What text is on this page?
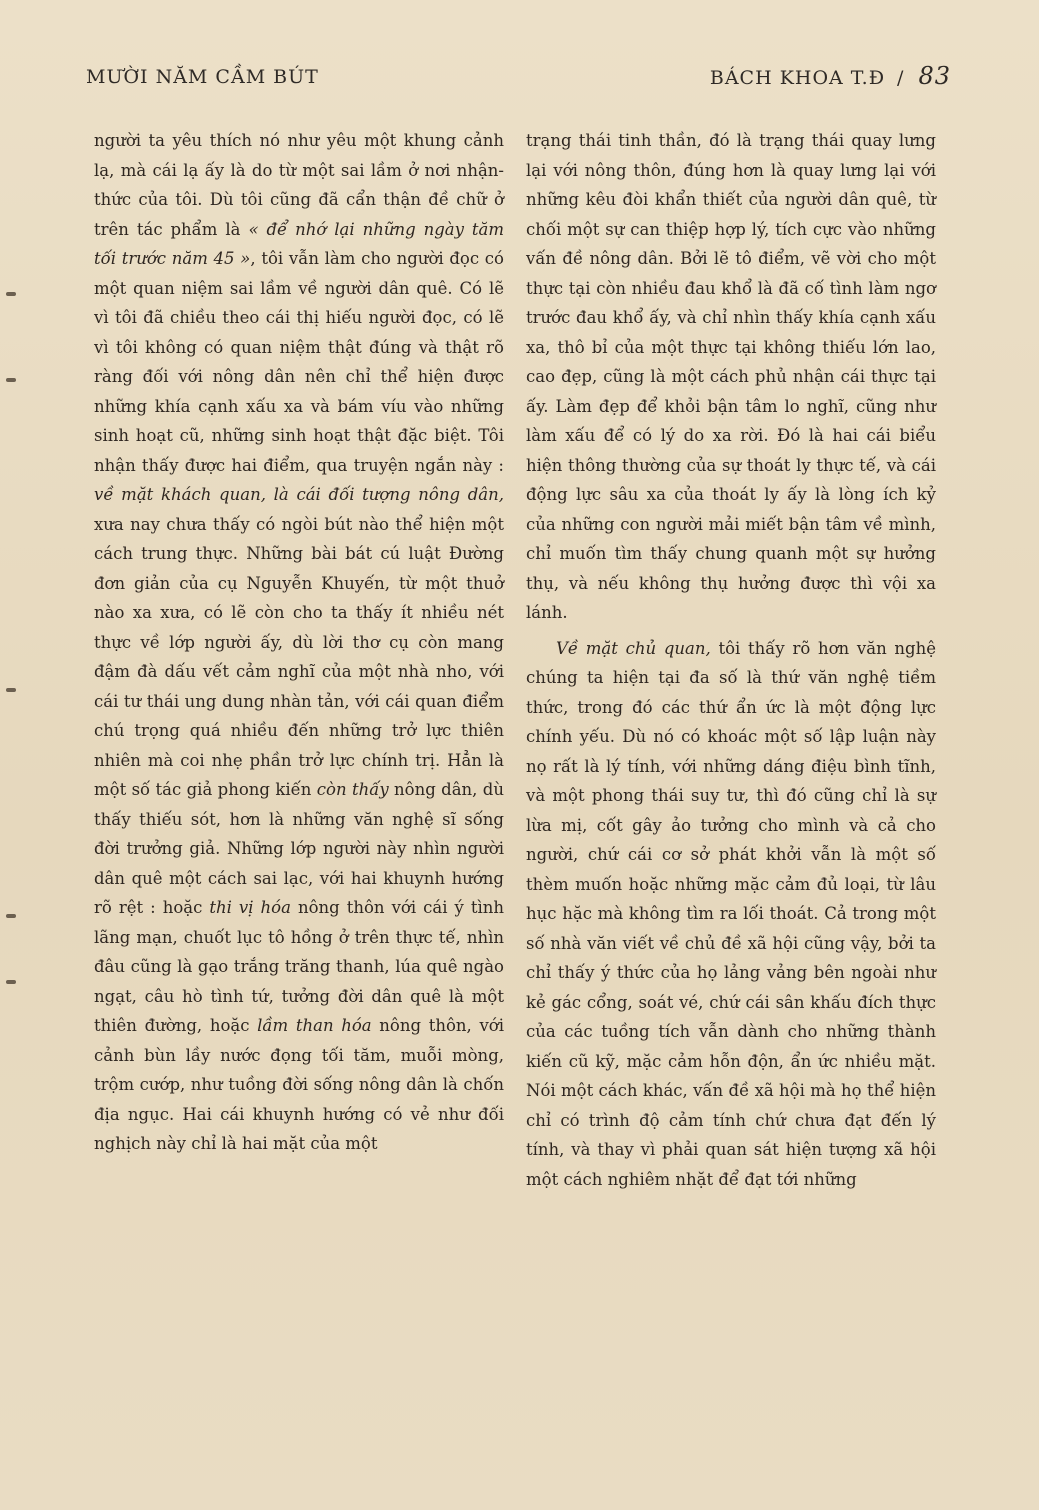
MƯỜI NĂM CẦM BÚT	BÁCH KHOA T.Đ / 83

người ta yêu thích nó như yêu một khung cảnh lạ, mà cái lạ ấy là do từ một sai lầm ở nơi nhận-thức của tôi. Dù tôi cũng đã cẩn thận đề chữ ở trên tác phẩm là « để nhớ lại những ngày tăm tối trước năm 45 », tôi vẫn làm cho người đọc có một quan niệm sai lầm về người dân quê. Có lẽ vì tôi đã chiều theo cái thị hiếu người đọc, có lẽ vì tôi không có quan niệm thật đúng và thật rõ ràng đối với nông dân nên chỉ thể hiện được những khía cạnh xấu xa và bám víu vào những sinh hoạt cũ, những sinh hoạt thật đặc biệt. Tôi nhận thấy được hai điểm, qua truyện ngắn này : về mặt khách quan, là cái đối tượng nông dân, xưa nay chưa thấy có ngòi bút nào thể hiện một cách trung thực. Những bài bát cú luật Đường đơn giản của cụ Nguyễn Khuyến, từ một thuở nào xa xưa, có lẽ còn cho ta thấy ít nhiều nét thực về lớp người ấy, dù lời thơ cụ còn mang đậm đà dấu vết cảm nghĩ của một nhà nho, với cái tư thái ung dung nhàn tản, với cái quan điểm chú trọng quá nhiều đến những trở lực thiên nhiên mà coi nhẹ phần trở lực chính trị. Hẳn là một số tác giả phong kiến còn thấy nông dân, dù thấy thiếu sót, hơn là những văn nghệ sĩ sống đời trưởng giả. Những lớp người này nhìn người dân quê một cách sai lạc, với hai khuynh hướng rõ rệt : hoặc thi vị hóa nông thôn với cái ý tình lãng mạn, chuốt lục tô hồng ở trên thực tế, nhìn đâu cũng là gạo trắng trăng thanh, lúa quê ngào ngạt, câu hò tình tứ, tưởng đời dân quê là một thiên đường, hoặc lầm than hóa nông thôn, với cảnh bùn lầy nước đọng tối tăm, muỗi mòng, trộm cướp, như tuồng đời sống nông dân là chốn địa ngục. Hai cái khuynh hướng có vẻ như đối nghịch này chỉ là hai mặt của một

trạng thái tinh thần, đó là trạng thái quay lưng lại với nông thôn, đúng hơn là quay lưng lại với những kêu đòi khẩn thiết của người dân quê, từ chối một sự can thiệp hợp lý, tích cực vào những vấn đề nông dân. Bởi lẽ tô điểm, vẽ vời cho một thực tại còn nhiều đau khổ là đã cố tình làm ngơ trước đau khổ ấy, và chỉ nhìn thấy khía cạnh xấu xa, thô bỉ của một thực tại không thiếu lớn lao, cao đẹp, cũng là một cách phủ nhận cái thực tại ấy. Làm đẹp để khỏi bận tâm lo nghĩ, cũng như làm xấu để có lý do xa rời. Đó là hai cái biểu hiện thông thường của sự thoát ly thực tế, và cái động lực sâu xa của thoát ly ấy là lòng ích kỷ của những con người mải miết bận tâm về mình, chỉ muốn tìm thấy chung quanh một sự hưởng thụ, và nếu không thụ hưởng được thì vội xa lánh.

Về mặt chủ quan, tôi thấy rõ hơn văn nghệ chúng ta hiện tại đa số là thứ văn nghệ tiềm thức, trong đó các thứ ẩn ức là một động lực chính yếu. Dù nó có khoác một số lập luận này nọ rất là lý tính, với những dáng điệu bình tĩnh, và một phong thái suy tư, thì đó cũng chỉ là sự lừa mị, cốt gây ảo tưởng cho mình và cả cho người, chứ cái cơ sở phát khởi vẫn là một số thèm muốn hoặc những mặc cảm đủ loại, từ lâu hục hặc mà không tìm ra lối thoát. Cả trong một số nhà văn viết về chủ đề xã hội cũng vậy, bởi ta chỉ thấy ý thức của họ lảng vảng bên ngoài như kẻ gác cổng, soát vé, chứ cái sân khấu đích thực của các tuồng tích vẫn dành cho những thành kiến cũ kỹ, mặc cảm hỗn độn, ẩn ức nhiều mặt. Nói một cách khác, vấn đề xã hội mà họ thể hiện chỉ có trình độ cảm tính chứ chưa đạt đến lý tính, và thay vì phải quan sát hiện tượng xã hội một cách nghiêm nhặt để đạt tới những
